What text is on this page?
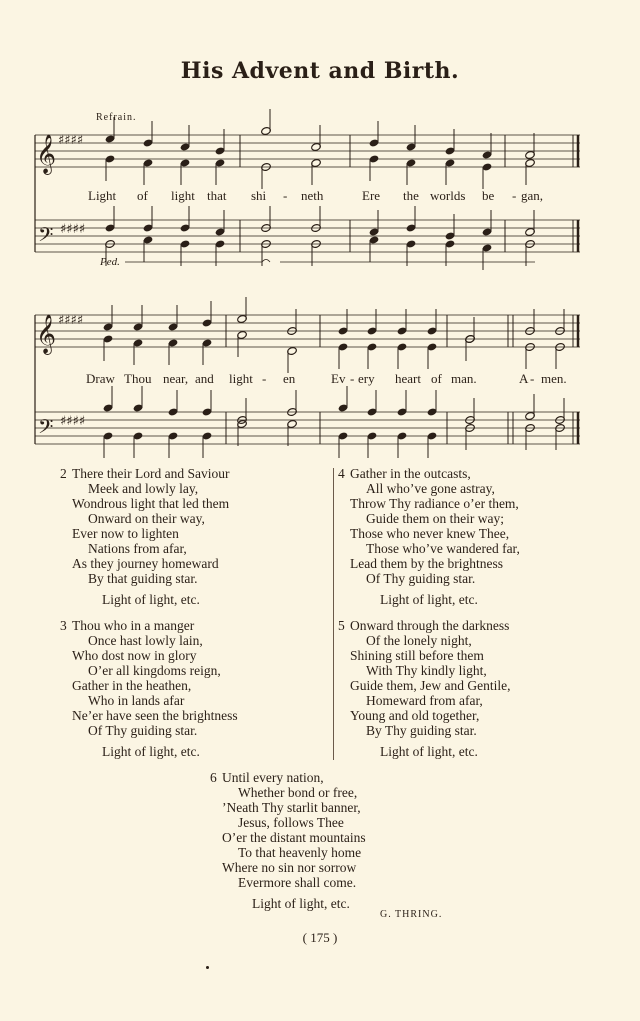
His Advent and Birth.
Refrain.
𝄞
𝄞
𝄢
𝄢
♯♯♯♯
♯♯♯♯
♯♯♯♯
♯♯♯♯
Ped.
Light of light that shi - neth	Ere the worlds be - gan,
Draw Thou near, and light - en	Ev - ery heart of man.	A - men.
2 There their Lord and Saviour
Meek and lowly lay,
Wondrous light that led them
Onward on their way,
Ever now to lighten
Nations from afar,
As they journey homeward
By that guiding star.
Light of light, etc.
3 Thou who in a manger
Once hast lowly lain,
Who dost now in glory
O’er all kingdoms reign,
Gather in the heathen,
Who in lands afar
Ne’er have seen the brightness
Of Thy guiding star.
Light of light, etc.
4 Gather in the outcasts,
All who’ve gone astray,
Throw Thy radiance o’er them,
Guide them on their way;
Those who never knew Thee,
Those who’ve wandered far,
Lead them by the brightness
Of Thy guiding star.
Light of light, etc.
5 Onward through the darkness
Of the lonely night,
Shining still before them
With Thy kindly light,
Guide them, Jew and Gentile,
Homeward from afar,
Young and old together,
By Thy guiding star.
Light of light, etc.
6 Until every nation,
Whether bond or free,
’Neath Thy starlit banner,
Jesus, follows Thee
O’er the distant mountains
To that heavenly home
Where no sin nor sorrow
Evermore shall come.
Light of light, etc.
G. THRING.
( 175 )
